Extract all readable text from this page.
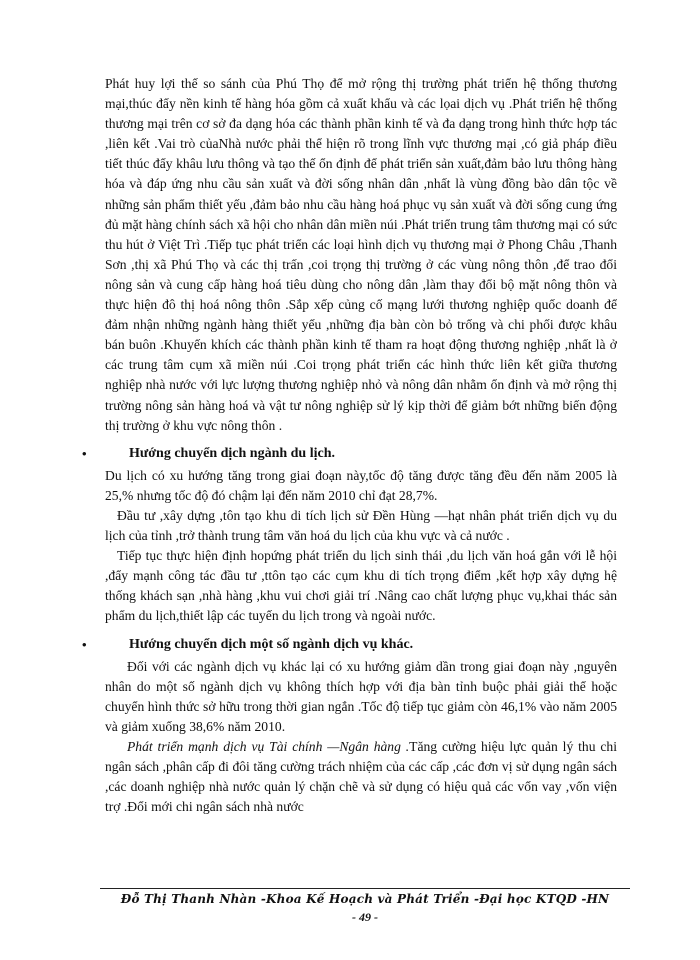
Phát huy lợi thế so sánh của Phú Thọ để mở rộng thị trường phát triển hệ thống thương mại,thúc đẩy nền kinh tế hàng hóa gồm cả xuất khẩu và các lọai dịch vụ .Phát triển hệ thống thương mại trên cơ sở đa dạng hóa các thành phần kinh tế và đa dạng trong hình thức hợp tác ,liên kết .Vai trò củaNhà nước phải thể hiện rõ trong lĩnh vực thương mại ,có giả pháp điều tiết thúc đẩy khâu lưu thông và tạo thế ổn định để phát triển sản xuất,đảm bảo lưu thông hàng hóa và đáp ứng nhu cầu sản xuất và đời sống nhân dân ,nhất là vùng đồng bào dân tộc về những sản phẩm thiết yếu ,đảm bảo nhu cầu hàng hoá phục vụ sản xuất và đời sống cung ứng đủ mặt hàng chính sách xã hội cho nhân dân miền núi .Phát triển trung tâm thương mại có sức thu hút ở Việt Trì .Tiếp tục phát triển các loại hình dịch vụ thương mại ở Phong Châu ,Thanh Sơn ,thị xã Phú Thọ và các thị trấn ,coi trọng thị trường ở các vùng nông thôn ,để trao đổi nông sản và cung cấp hàng hoá tiêu dùng cho nông dân ,làm thay đổi bộ mặt nông thôn và thực hiện đô thị hoá nông thôn .Sắp xếp củng cố mạng lưới thương nghiệp quốc doanh để đảm nhận những ngành hàng thiết yếu ,những địa bàn còn bỏ trống và chi phối được khâu bán buôn .Khuyến khích các thành phần kinh tế tham ra hoạt động thương nghiệp ,nhất là ở các trung tâm cụm xã miền núi .Coi trọng phát triển các hình thức liên kết giữa thương nghiệp nhà nước với lực lượng thương nghiệp nhỏ và nông dân nhằm ổn định và mở rộng thị trường nông sản hàng hoá và vật tư nông nghiệp sử lý kịp thời để giảm bớt những biến động thị trường ở khu vực nông thôn .

•	Hướng chuyển dịch ngành du lịch.

Du lịch có xu hướng tăng trong giai đoạn này,tốc độ tăng được tăng đều đến năm 2005 là 25,% nhưng tốc độ đó chậm lại đến năm 2010 chỉ đạt 28,7%.

Đầu tư ,xây dựng ,tôn tạo khu di tích lịch sử Đền Hùng —hạt nhân phát triển dịch vụ du lịch của tỉnh ,trở thành trung tâm văn hoá du lịch của khu vực và cả nước .

Tiếp tục thực hiện định hopứng phát triển du lịch sinh thái ,du lịch văn hoá gắn với lễ hội ,đẩy mạnh công tác đầu tư ,ttôn tạo các cụm khu di tích trọng điểm ,kết hợp xây dựng hệ thống khách sạn ,nhà hàng ,khu vui chơi giải trí .Nâng cao chất lượng phục vụ,khai thác sản phẩm du lịch,thiết lập các tuyến du lịch trong và ngoài nước.

•	Hướng chuyển dịch một số ngành dịch vụ khác.

Đối với các ngành dịch vụ khác lại có xu hướng giảm dần trong giai đoạn này ,nguyên nhân do một số ngành dịch vụ không thích hợp với địa bàn tỉnh buộc phải giải thể hoặc chuyển hình thức sở hữu trong thời gian ngắn .Tốc độ tiếp tục giảm còn 46,1% vào năm 2005 và giảm xuống 38,6% năm 2010.

Phát triển mạnh dịch vụ Tài chính —Ngân hàng .Tăng cường hiệu lực quản lý thu chi ngân sách ,phân cấp đi đôi tăng cường trách nhiệm của các cấp ,các đơn vị sử dụng ngân sách ,các doanh nghiệp nhà nước quản lý chặn chẽ và sử dụng có hiệu quả các vốn vay ,vốn viện trợ .Đổi mới chi ngân sách nhà nước

Đỗ Thị Thanh Nhàn -Khoa Kế Hoạch và Phát Triển -Đại học KTQD -HN
- 49 -
